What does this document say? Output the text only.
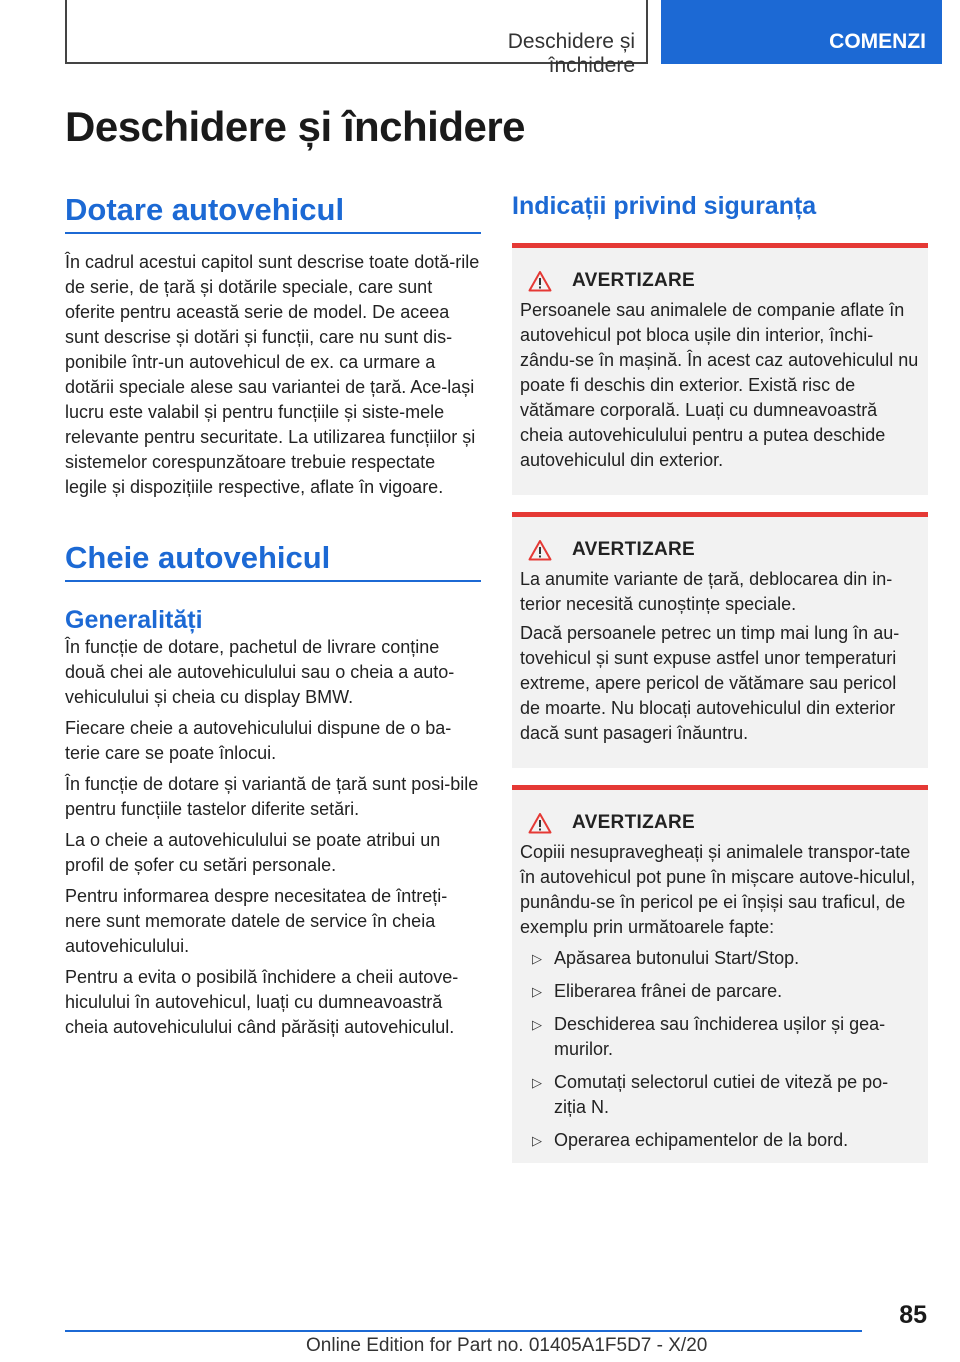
Deschidere și închidere
COMENZI
Deschidere și închidere
Dotare autovehicul

În cadrul acestui capitol sunt descrise toate dotă-rile de serie, de țară și dotările speciale, care sunt oferite pentru această serie de model. De aceea sunt descrise și dotări și funcții, care nu sunt dis-ponibile într-un autovehicul de ex. ca urmare a dotării speciale alese sau variantei de țară. Ace-lași lucru este valabil și pentru funcțiile și siste-mele relevante pentru securitate. La utilizarea funcțiilor și sistemelor corespunzătoare trebuie respectate legile și dispozițiile respective, aflate în vigoare.

Cheie autovehicul
Generalități

În funcție de dotare, pachetul de livrare conține două chei ale autovehiculului sau o cheia a auto-vehiculului și cheia cu display BMW.

Fiecare cheie a autovehiculului dispune de o ba-terie care se poate înlocui.

În funcție de dotare și variantă de țară sunt posi-bile pentru funcțiile tastelor diferite setări.

La o cheie a autovehiculului se poate atribui un profil de șofer cu setări personale.

Pentru informarea despre necesitatea de întreți-nere sunt memorate datele de service în cheia autovehiculului.

Pentru a evita o posibilă închidere a cheii autove-hiculului în autovehicul, luați cu dumneavoastră cheia autovehiculului când părăsiți autovehiculul.

Indicații privind siguranța
AVERTIZARE

Persoanele sau animalele de companie aflate în autovehicul pot bloca ușile din interior, închi-zându-se în mașină. În acest caz autovehiculul nu poate fi deschis din exterior. Există risc de vătămare corporală. Luați cu dumneavoastră cheia autovehiculului pentru a putea deschide autovehiculul din exterior.

AVERTIZARE

La anumite variante de țară, deblocarea din in-terior necesită cunoștințe speciale.

Dacă persoanele petrec un timp mai lung în au-tovehicul și sunt expuse astfel unor temperaturi extreme, apere pericol de vătămare sau pericol de moarte. Nu blocați autovehiculul din exterior dacă sunt pasageri înăuntru.

AVERTIZARE

Copiii nesupravegheați și animalele transpor-tate în autovehicul pot pune în mișcare autove-hiculul, punându-se în pericol pe ei înșiși sau traficul, de exemplu prin următoarele fapte:

▷ Apăsarea butonului Start/Stop.
▷ Eliberarea frânei de parcare.
▷ Deschiderea sau închiderea ușilor și gea-murilor.
▷ Comutați selectorul cutiei de viteză pe po-ziția N.
▷ Operarea echipamentelor de la bord.
85
Online Edition for Part no. 01405A1F5D7 - X/20
